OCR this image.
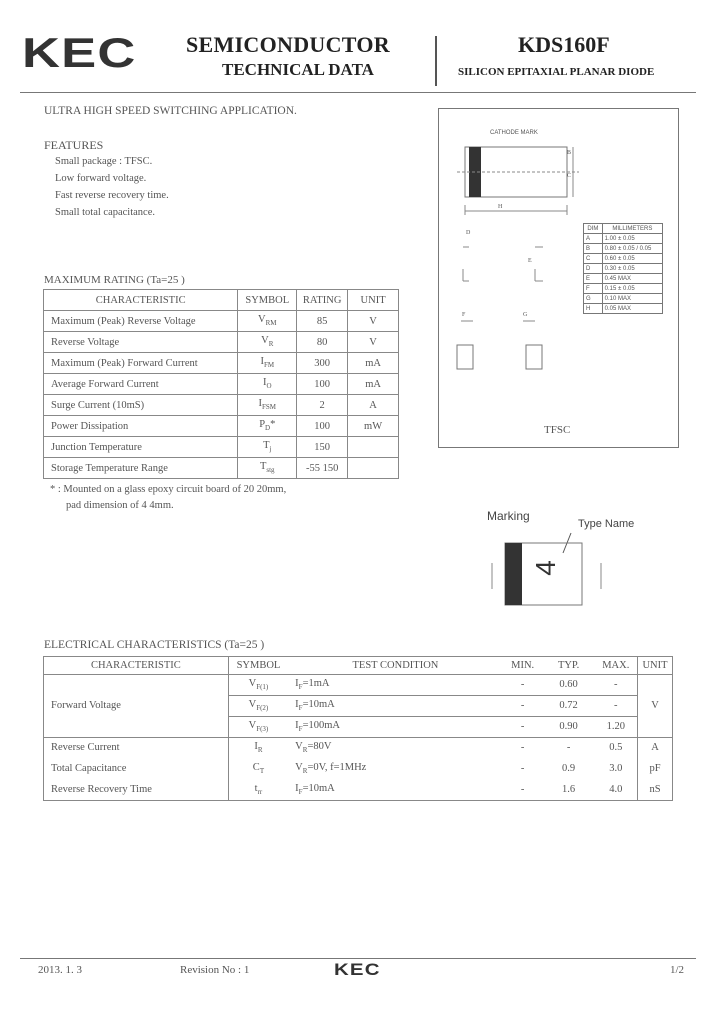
KEC SEMICONDUCTOR
TECHNICAL DATA
KDS160F
SILICON EPITAXIAL PLANAR DIODE
ULTRA HIGH SPEED SWITCHING APPLICATION.
FEATURES
Small package : TFSC.
Low forward voltage.
Fast reverse recovery time.
Small total capacitance.
CATHODE MARK
H
B
C
D
E
F	G
DIM	MILLIMETERS
A	1.00 ± 0.05
B	0.80 ± 0.05 / 0.05
C	0.60 ± 0.05
D	0.30 ± 0.05
E	0.45 MAX
F	0.15 ± 0.05
G	0.10 MAX
H	0.05 MAX
TFSC
MAXIMUM RATING (Ta=25 )
CHARACTERISTIC	SYMBOL	RATING	UNIT
Maximum (Peak) Reverse Voltage	$V_{RM}$	85	V
Reverse Voltage	$V_R$	80	V
Maximum (Peak) Forward Current	$I_{FM}$	300	mA
Average Forward Current	$I_O$	100	mA
Surge Current (10mS)	$I_{FSM}$	2	A
Power Dissipation	$P_D*$	100	mW
Junction Temperature	$T_j$	150	
Storage Temperature Range	$T_{stg}$	-55 150	
* : Mounted on a glass epoxy circuit board of 20 20mm,
pad dimension of 4 4mm.
Marking
Type Name
4
ELECTRICAL CHARACTERISTICS (Ta=25 )
CHARACTERISTIC	SYMBOL	TEST CONDITION	MIN.	TYP.	MAX.	UNIT
Forward Voltage	$V_{F(1)}$	$I_F=1mA$	-	0.60	-	V
	$V_{F(2)}$	$I_F=10mA$	-	0.72	-	
	$V_{F(3)}$	$I_F=100mA$	-	0.90	1.20	
Reverse Current	$I_R$	$V_R=80V$	-	-	0.5	A
Total Capacitance	$C_T$	$V_R=0V$, f=1MHz	-	0.9	3.0	pF
Reverse Recovery Time	$t_{rr}$	$I_F=10mA$	-	1.6	4.0	nS
2013. 1. 3	Revision No : 1	KEC	1/2
